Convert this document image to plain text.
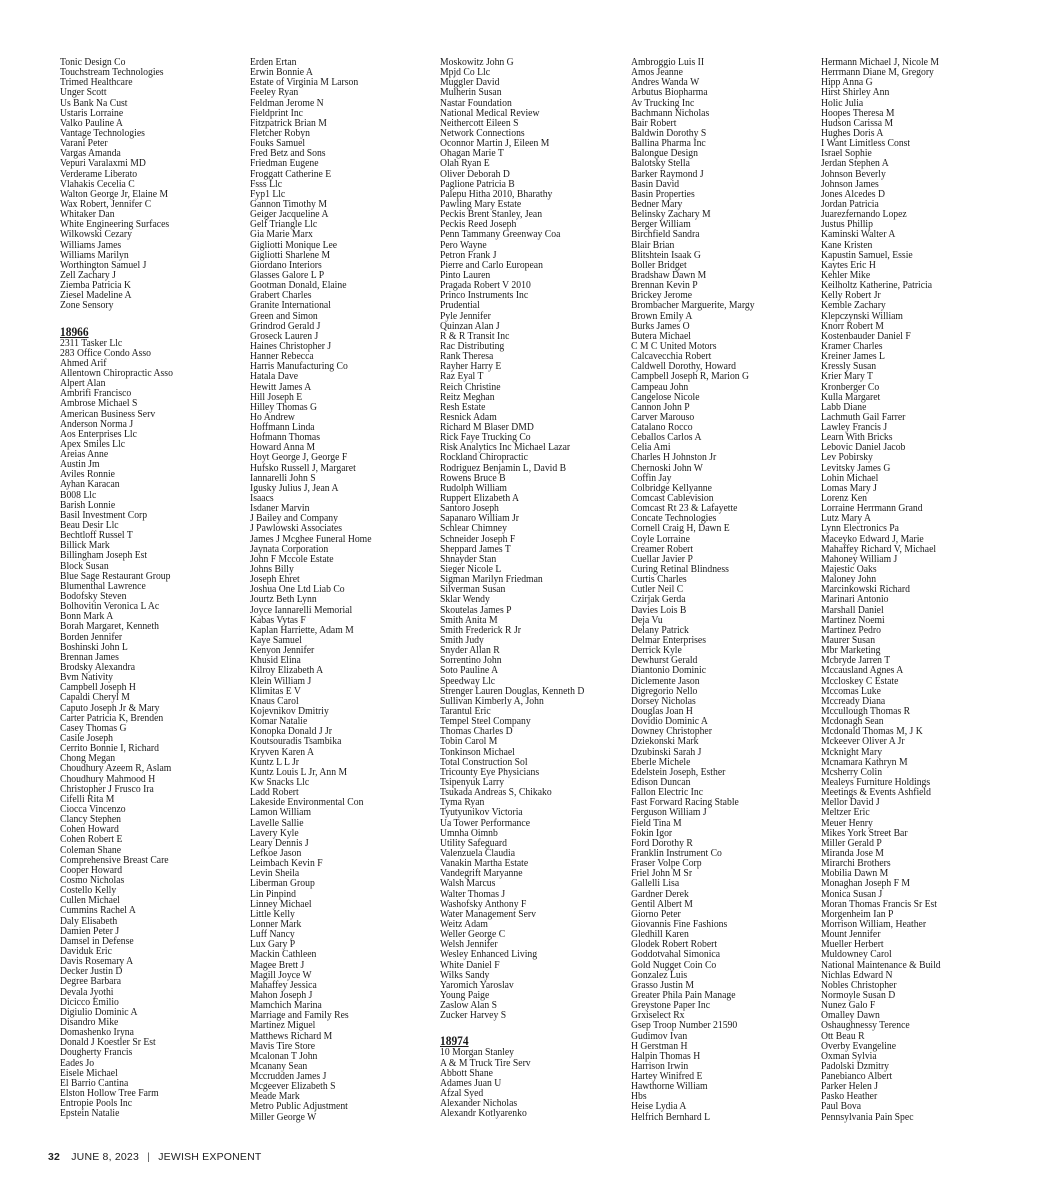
Tonic Design Co
Touchstream Technologies
Trimed Healthcare
Unger Scott
Us Bank Na Cust
Ustaris Lorraine
Valko Pauline A
Vantage Technologies
Varani Peter
Vargas Amanda
Vepuri Varalaxmi MD
Verderame Liberato
Vlahakis Cecelia C
Walton George Jr, Elaine M
Wax Robert, Jennifer C
Whitaker Dan
White Engineering Surfaces
Wilkowski Cezary
Williams James
Williams Marilyn
Worthington Samuel J
Zell Zachary J
Ziemba Patricia K
Ziesel Madeline A
Zone Sensory
18966
2311 Tasker Llc
283 Office Condo Asso
Ahmed Arif
Allentown Chiropractic Asso
Alpert Alan
Ambrifi Francisco
Ambrose Michael S
American Business Serv
Anderson Norma J
Aos Enterprises Llc
Apex Smiles Llc
Areias Anne
Austin Jm
Aviles Ronnie
Ayhan Karacan
B008 Llc
Barish Lonnie
Basil Investment Corp
Beau Desir Llc
Bechtloff Russel T
Billick Mark
Billingham Joseph Est
Block Susan
Blue Sage Restaurant Group
Blumenthal Lawrence
Bodofsky Steven
Bolhovitin Veronica L Ac
Bonn Mark A
Borah Margaret, Kenneth
Borden Jennifer
Boshinski John L
Brennan James
Brodsky Alexandra
Bvm Nativity
Campbell Joseph H
Capaldi Cheryl M
Caputo Joseph Jr & Mary
Carter Patricia K, Brenden
Casey Thomas G
Casile Joseph
Cerrito Bonnie I, Richard
Chong Megan
Choudhury Azeem R, Aslam
Choudhury Mahmood H
Christopher J Frusco Ira
Cifelli Rita M
Ciocca Vincenzo
Clancy Stephen
Cohen Howard
Cohen Robert E
Coleman Shane
Comprehensive Breast Care
Cooper Howard
Cosmo Nicholas
Costello Kelly
Cullen Michael
Cummins Rachel A
Daly Elisabeth
Damien Peter J
Damsel in Defense
Daviduk Eric
Davis Rosemary A
Decker Justin D
Degree Barbara
Devala Jyothi
Dicicco Emilio
Digiulio Dominic A
Disandro Mike
Domashenko Iryna
Donald J Koestler Sr Est
Dougherty Francis
Eades Jo
Eisele Michael
El Barrio Cantina
Elston Hollow Tree Farm
Entropie Pools Inc
Epstein Natalie
Erden Ertan
Erwin Bonnie A
Estate of Virginia M Larson
Feeley Ryan
Feldman Jerome N
Fieldprint Inc
Fitzpatrick Brian M
Fletcher Robyn
Fouks Samuel
Fred Betz and Sons
Friedman Eugene
Froggatt Catherine E
Fsss Llc
Fyp1 Llc
Gannon Timothy M
Geiger Jacqueline A
Gelf Triangle Llc
Gia Marie Marx
Gigliotti Monique Lee
Gigliotti Sharlene M
Giordano Interiors
Glasses Galore L P
Gootman Donald, Elaine
Grabert Charles
Granite International
Green and Simon
Grindrod Gerald J
Groseck Lauren J
Haines Christopher J
Hanner Rebecca
Harris Manufacturing Co
Hatala Dave
Hewitt James A
Hill Joseph E
Hilley Thomas G
Ho Andrew
Hoffmann Linda
Hofmann Thomas
Howard Anna M
Hoyt George J, George F
Hufsko Russell J, Margaret
Iannarelli John S
Igusky Julius J, Jean A
Isaacs
Isdaner Marvin
J Bailey and Company
J Pawlowski Associates
James J Mcghee Funeral Home
Jaynata Corporation
John F Mccole Estate
Johns Billy
Joseph Ehret
Joshua One Ltd Liab Co
Jourtz Beth Lynn
Joyce Iannarelli Memorial
Kabas Vytas F
Kaplan Harriette, Adam M
Kaye Samuel
Kenyon Jennifer
Khusid Elina
Kilroy Elizabeth A
Klein William J
Klimitas E V
Knaus Carol
Kojevnikov Dmitriy
Komar Natalie
Konopka Donald J Jr
Koutsouradis Tsambika
Kryven Karen A
Kuntz L L Jr
Kuntz Louis L Jr, Ann M
Kw Snacks Llc
Ladd Robert
Lakeside Environmental Con
Lamon William
Lavelle Sallie
Lavery Kyle
Leary Dennis J
Lefkoe Jason
Leimbach Kevin F
Levin Sheila
Liberman Group
Lin Pinpind
Linney Michael
Little Kelly
Lonner Mark
Luff Nancy
Lux Gary P
Mackin Cathleen
Magee Brett J
Magill Joyce W
Mahaffey Jessica
Mahon Joseph J
Mamchich Marina
Marriage and Family Res
Martinez Miguel
Matthews Richard M
Mavis Tire Store
Mcalonan T John
Mcanany Sean
Mccrudden James J
Mcgeever Elizabeth S
Meade Mark
Metro Public Adjustment
Miller George W
Moskowitz John G
Mpjd Co Llc
Muggler David
Mulherin Susan
Nastar Foundation
National Medical Review
Neithercott Eileen S
Network Connections
Oconnor Martin J, Eileen M
Ohagan Marie T
Olah Ryan E
Oliver Deborah D
Paglione Patricia B
Palepu Hitha 2010, Bharathy
Pawling Mary Estate
Peckis Brent Stanley, Jean
Peckis Reed Joseph
Penn Tammany Greenway Coa
Pero Wayne
Petron Frank J
Pierre and Carlo European
Pinto Lauren
Pragada Robert V 2010
Princo Instruments Inc
Prudential
Pyle Jennifer
Quinzan Alan J
R & R Transit Inc
Rac Distributing
Rank Theresa
Rayher Harry E
Raz Eyal T
Reich Christine
Reitz Meghan
Resh Estate
Resnick Adam
Richard M Blaser DMD
Rick Faye Trucking Co
Risk Analytics Inc Michael Lazar
Rockland Chiropractic
Rodriguez Benjamin L, David B
Rowens Bruce B
Rudolph William
Ruppert Elizabeth A
Santoro Joseph
Sapanaro William Jr
Schlear Chimney
Schneider Joseph F
Sheppard James T
Shnayder Stan
Sieger Nicole L
Sigman Marilyn Friedman
Silverman Susan
Sklar Wendy
Skoutelas James P
Smith Anita M
Smith Frederick R Jr
Smith Judy
Snyder Allan R
Sorrentino John
Soto Pauline A
Speedway Llc
Strenger Lauren Douglas, Kenneth D
Sullivan Kimberly A, John
Tarantul Eric
Tempel Steel Company
Thomas Charles D
Tobin Carol M
Tonkinson Michael
Total Construction Sol
Tricounty Eye Physicians
Tsipenyuk Larry
Tsukada Andreas S, Chikako
Tyma Ryan
Tyutyunikov Victoria
Ua Tower Performance
Umnha Oimnb
Utility Safeguard
Valenzuela Claudia
Vanakin Martha Estate
Vandegrift Maryanne
Walsh Marcus
Walter Thomas J
Washofsky Anthony F
Water Management Serv
Weitz Adam
Weller George C
Welsh Jennifer
Wesley Enhanced Living
White Daniel F
Wilks Sandy
Yaromich Yaroslav
Young Paige
Zaslow Alan S
Zucker Harvey S
18974
10 Morgan Stanley
A & M Truck Tire Serv
Abbott Shane
Adames Juan U
Afzal Syed
Alexander Nicholas
Alexandr Kotlyarenko
Ambroggio Luis II
Amos Jeanne
Andres Wanda W
Arbutus Biopharma
Av Trucking Inc
Bachmann Nicholas
Bair Robert
Baldwin Dorothy S
Ballina Pharma Inc
Balongue Design
Balotsky Stella
Barker Raymond J
Basin David
Basin Properties
Bedner Mary
Belinsky Zachary M
Berger William
Birchfield Sandra
Blair Brian
Blitshtein Isaak G
Boller Bridget
Bradshaw Dawn M
Brennan Kevin P
Brickey Jerome
Brombacher Marguerite, Margy
Brown Emily A
Burks James O
Butera Michael
C M C United Motors
Calcavecchia Robert
Caldwell Dorothy, Howard
Campbell Joseph R, Marion G
Campeau John
Cangelose Nicole
Cannon John P
Carver Marouso
Catalano Rocco
Ceballos Carlos A
Celia Ami
Charles H Johnston Jr
Chernoski John W
Coffin Jay
Colbridge Kellyanne
Comcast Cablevision
Comcast Rt 23 & Lafayette
Concate Technologies
Cornell Craig H, Dawn E
Coyle Lorraine
Creamer Robert
Cuellar Javier P
Curing Retinal Blindness
Curtis Charles
Cutler Neil C
Czirjak Gerda
Davies Lois B
Deja Vu
Delany Patrick
Delmar Enterprises
Derrick Kyle
Dewhurst Gerald
Diantonio Dominic
Diclemente Jason
Digregorio Nello
Dorsey Nicholas
Douglas Joan H
Dovidio Dominic A
Downey Christopher
Dziekonski Mark
Dzubinski Sarah J
Eberle Michele
Edelstein Joseph, Esther
Edison Duncan
Fallon Electric Inc
Fast Forward Racing Stable
Ferguson William J
Field Tina M
Fokin Igor
Ford Dorothy R
Franklin Instrument Co
Fraser Volpe Corp
Friel John M Sr
Gallelli Lisa
Gardner Derek
Gentil Albert M
Giorno Peter
Giovannis Fine Fashions
Gledhill Karen
Glodek Robert Robert
Goddotvahal Simonica
Gold Nugget Coin Co
Gonzalez Luis
Grasso Justin M
Greater Phila Pain Manage
Greystone Paper Inc
Grxiselect Rx
Gsep Troop Number 21590
Gudimov Ivan
H Gerstman H
Halpin Thomas H
Harrison Irwin
Hartey Winifred E
Hawthorne William
Hbs
Heise Lydia A
Helfrich Bernhard L
Hermann Michael J, Nicole M
Herrmann Diane M, Gregory
Hipp Anna G
Hirst Shirley Ann
Holic Julia
Hoopes Theresa M
Hudson Carissa M
Hughes Doris A
I Want Limitless Const
Israel Sophie
Jerdan Stephen A
Johnson Beverly
Johnson James
Jones Alcedes D
Jordan Patricia
Juarezfernando Lopez
Justus Phillip
Kaminski Walter A
Kane Kristen
Kapustin Samuel, Essie
Kaytes Eric H
Kehler Mike
Keilholtz Katherine, Patricia
Kelly Robert Jr
Kemble Zachary
Klepczynski William
Knorr Robert M
Kostenbauder Daniel F
Kramer Charles
Kreiner James L
Kressly Susan
Krier Mary T
Kronberger Co
Kulla Margaret
Labb Diane
Lachmuth Gail Farrer
Lawley Francis J
Learn With Bricks
Lebovic Daniel Jacob
Lev Pobirsky
Levitsky James G
Lohin Michael
Lomas Mary J
Lorenz Ken
Lorraine Herrmann Grand
Lutz Mary A
Lynn Electronics Pa
Maceyko Edward J, Marie
Mahaffey Richard V, Michael
Mahoney William J
Majestic Oaks
Maloney John
Marcinkowski Richard
Marinari Antonio
Marshall Daniel
Martinez Noemi
Martinez Pedro
Maurer Susan
Mbr Marketing
Mcbryde Jarren T
Mccausland Agnes A
Mccloskey C Estate
Mccomas Luke
Mccready Diana
Mccullough Thomas R
Mcdonagh Sean
Mcdonald Thomas M, J K
Mckeever Oliver A Jr
Mcknight Mary
Mcnamara Kathryn M
Mcsherry Colin
Mealeys Furniture Holdings
Meetings & Events Ashfield
Mellor David J
Meltzer Eric
Meuer Henry
Mikes York Street Bar
Miller Gerald P
Miranda Jose M
Mirarchi Brothers
Mobilia Dawn M
Monaghan Joseph F M
Monica Susan J
Moran Thomas Francis Sr Est
Morgenheim Ian P
Morrison William, Heather
Mount Jennifer
Mueller Herbert
Muldowney Carol
National Maintenance & Build
Nichlas Edward N
Nobles Christopher
Normoyle Susan D
Nunez Galo F
Omalley Dawn
Oshaughnessy Terence
Ott Beau R
Overby Evangeline
Oxman Sylvia
Padolski Dzmitry
Panebianco Albert
Parker Helen J
Pasko Heather
Paul Bova
Pennsylvania Pain Spec
32 JUNE 8, 2023 | JEWISH EXPONENT
